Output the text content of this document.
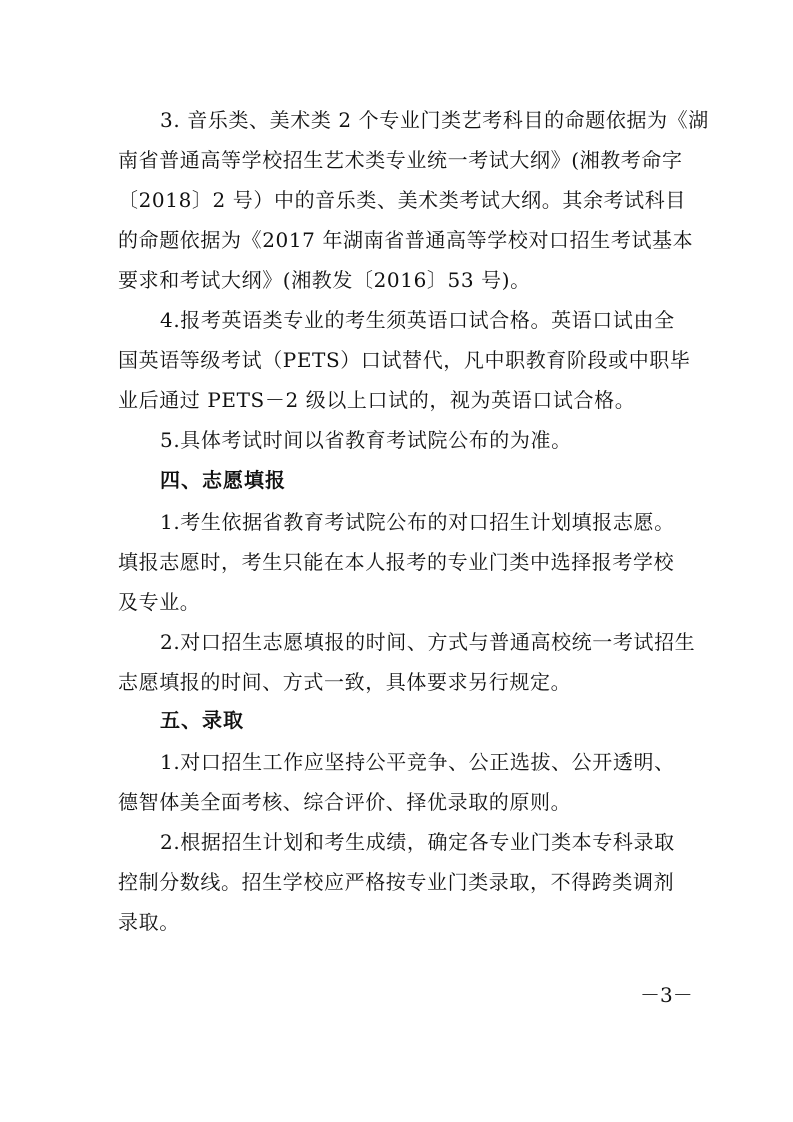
3. 音乐类、美术类 2 个专业门类艺考科目的命题依据为《湖
南省普通高等学校招生艺术类专业统一考试大纲》(湘教考命字
〔2018〕2 号）中的音乐类、美术类考试大纲。其余考试科目
的命题依据为《2017 年湖南省普通高等学校对口招生考试基本
要求和考试大纲》(湘教发〔2016〕53 号)。
4.报考英语类专业的考生须英语口试合格。英语口试由全
国英语等级考试（PETS）口试替代，凡中职教育阶段或中职毕
业后通过 PETS－2 级以上口试的，视为英语口试合格。
5.具体考试时间以省教育考试院公布的为准。
四、志愿填报
1.考生依据省教育考试院公布的对口招生计划填报志愿。
填报志愿时，考生只能在本人报考的专业门类中选择报考学校
及专业。
2.对口招生志愿填报的时间、方式与普通高校统一考试招生
志愿填报的时间、方式一致，具体要求另行规定。
五、录取
1.对口招生工作应坚持公平竞争、公正选拔、公开透明、
德智体美全面考核、综合评价、择优录取的原则。
2.根据招生计划和考生成绩，确定各专业门类本专科录取
控制分数线。招生学校应严格按专业门类录取，不得跨类调剂
录取。
－3－
